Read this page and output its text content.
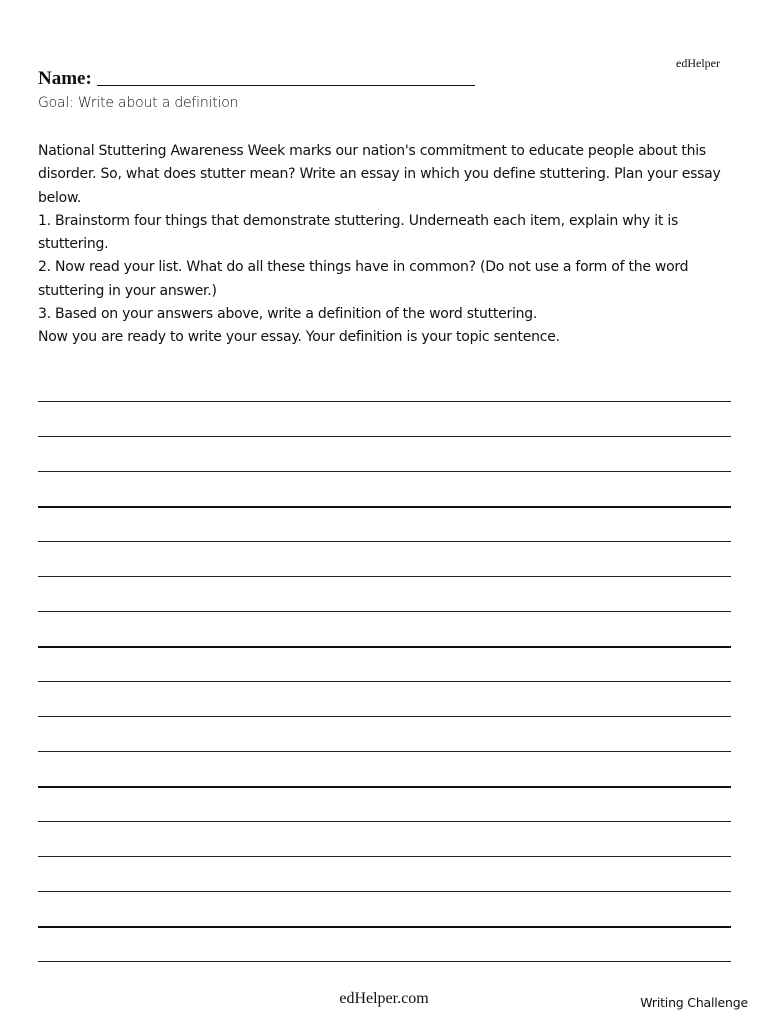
edHelper
Name:
Goal: Write about a definition

National Stuttering Awareness Week marks our nation's commitment to educate people about this disorder. So, what does stutter mean? Write an essay in which you define stuttering. Plan your essay below.

1. Brainstorm four things that demonstrate stuttering. Underneath each item, explain why it is stuttering.

2. Now read your list. What do all these things have in common? (Do not use a form of the word stuttering in your answer.)

3. Based on your answers above, write a definition of the word stuttering.

Now you are ready to write your essay. Your definition is your topic sentence.

edHelper.com	Writing Challenge
